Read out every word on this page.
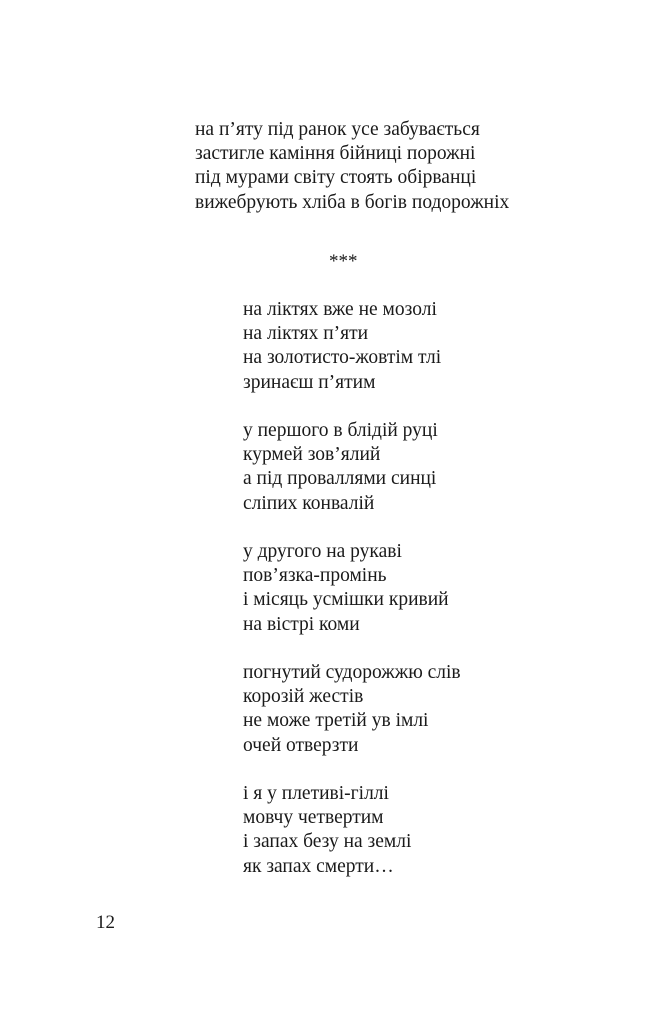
на п’яту під ранок усе забувається
застигле каміння бійниці порожні
під мурами світу стоять обірванці
вижебрують хліба в богів подорожніх
***
на ліктях вже не мозолі
на ліктях п’яти
на золотисто-жовтім тлі
зринаєш п’ятим
у першого в блідій руці
курмей зов’ялий
а під проваллями синці
сліпих конвалій
у другого на рукаві
пов’язка-промінь
і місяць усмішки кривий
на вістрі коми
погнутий судорожжю слів
корозій жестів
не може третій ув імлі
очей отверзти
і я у плетиві-гіллі
мовчу четвертим
і запах безу на землі
як запах смерти…
12
